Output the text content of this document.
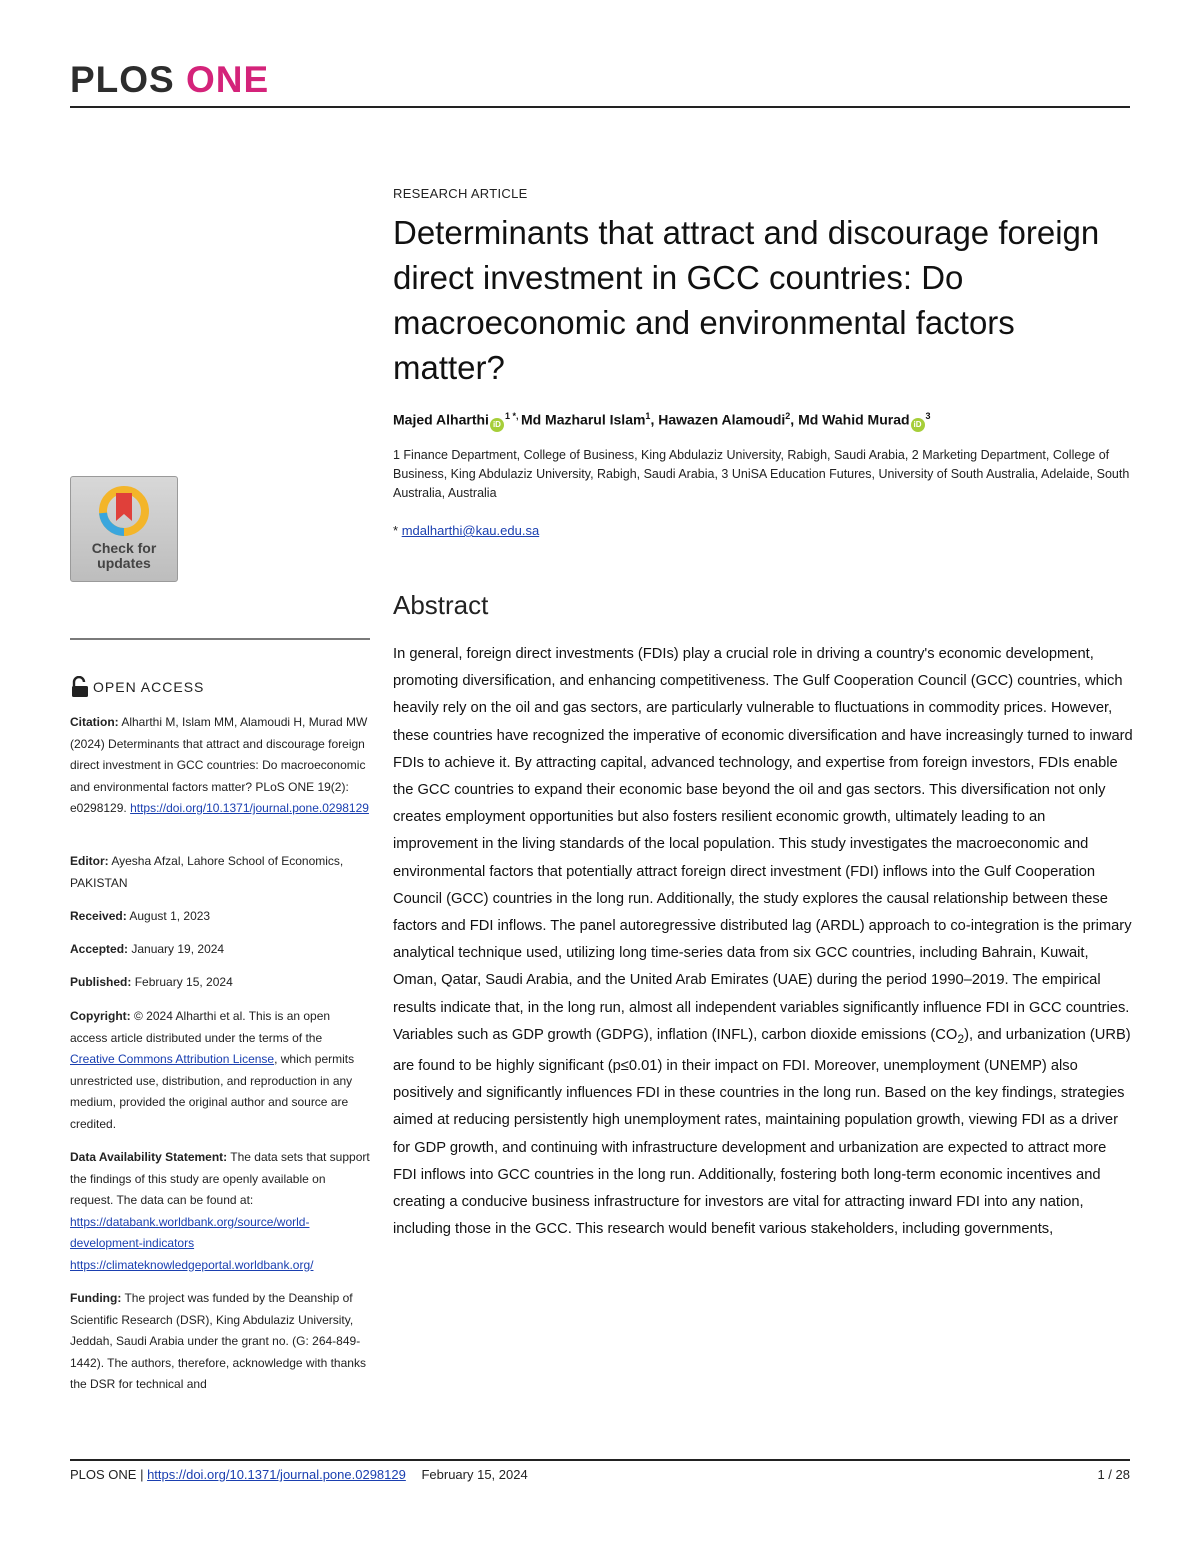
PLOS ONE
Check for
updates
OPEN ACCESS
Citation: Alharthi M, Islam MM, Alamoudi H, Murad MW (2024) Determinants that attract and discourage foreign direct investment in GCC countries: Do macroeconomic and environmental factors matter? PLoS ONE 19(2): e0298129. https://doi.org/10.1371/journal.pone.0298129
Editor: Ayesha Afzal, Lahore School of Economics, PAKISTAN
Received: August 1, 2023
Accepted: January 19, 2024
Published: February 15, 2024
Copyright: © 2024 Alharthi et al. This is an open access article distributed under the terms of the Creative Commons Attribution License, which permits unrestricted use, distribution, and reproduction in any medium, provided the original author and source are credited.
Data Availability Statement: The data sets that support the findings of this study are openly available on request. The data can be found at: https://databank.worldbank.org/source/world-development-indicators https://climateknowledgeportal.worldbank.org/
Funding: The project was funded by the Deanship of Scientific Research (DSR), King Abdulaziz University, Jeddah, Saudi Arabia under the grant no. (G: 264-849-1442). The authors, therefore, acknowledge with thanks the DSR for technical and
RESEARCH ARTICLE
Determinants that attract and discourage foreign direct investment in GCC countries: Do macroeconomic and environmental factors matter?
Majed Alharthi $iD^{1 *,}$ Md Mazharul Islam$^1$, Hawazen Alamoudi$^2$, Md Wahid Murad $iD^3$
1 Finance Department, College of Business, King Abdulaziz University, Rabigh, Saudi Arabia, 2 Marketing Department, College of Business, King Abdulaziz University, Rabigh, Saudi Arabia, 3 UniSA Education Futures, University of South Australia, Adelaide, South Australia, Australia
* mdalharthi@kau.edu.sa
Abstract

In general, foreign direct investments (FDIs) play a crucial role in driving a country's economic development, promoting diversification, and enhancing competitiveness. The Gulf Cooperation Council (GCC) countries, which heavily rely on the oil and gas sectors, are particularly vulnerable to fluctuations in commodity prices. However, these countries have recognized the imperative of economic diversification and have increasingly turned to inward FDIs to achieve it. By attracting capital, advanced technology, and expertise from foreign investors, FDIs enable the GCC countries to expand their economic base beyond the oil and gas sectors. This diversification not only creates employment opportunities but also fosters resilient economic growth, ultimately leading to an improvement in the living standards of the local population. This study investigates the macroeconomic and environmental factors that potentially attract foreign direct investment (FDI) inflows into the Gulf Cooperation Council (GCC) countries in the long run. Additionally, the study explores the causal relationship between these factors and FDI inflows. The panel autoregressive distributed lag (ARDL) approach to co-integration is the primary analytical technique used, utilizing long time-series data from six GCC countries, including Bahrain, Kuwait, Oman, Qatar, Saudi Arabia, and the United Arab Emirates (UAE) during the period 1990–2019. The empirical results indicate that, in the long run, almost all independent variables significantly influence FDI in GCC countries. Variables such as GDP growth (GDPG), inflation (INFL), carbon dioxide emissions $(CO_2)$, and urbanization (URB) are found to be highly significant (p≤0.01) in their impact on FDI. Moreover, unemployment (UNEMP) also positively and significantly influences FDI in these countries in the long run. Based on the key findings, strategies aimed at reducing persistently high unemployment rates, maintaining population growth, viewing FDI as a driver for GDP growth, and continuing with infrastructure development and urbanization are expected to attract more FDI inflows into GCC countries in the long run. Additionally, fostering both long-term economic incentives and creating a conducive business infrastructure for investors are vital for attracting inward FDI into any nation, including those in the GCC. This research would benefit various stakeholders, including governments,

PLOS ONE | https://doi.org/10.1371/journal.pone.0298129 February 15, 2024	1 / 28
